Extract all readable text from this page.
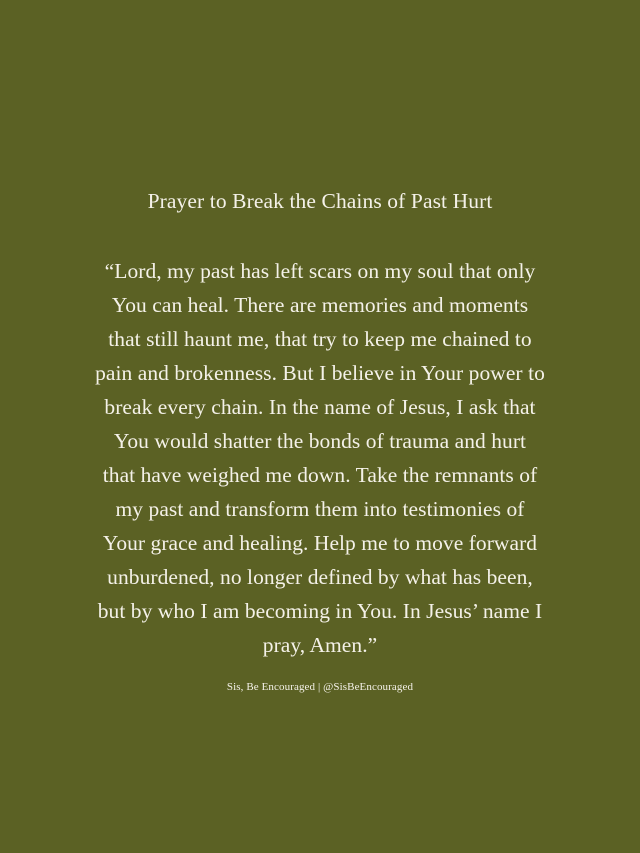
Prayer to Break the Chains of Past Hurt
“Lord, my past has left scars on my soul that only
You can heal. There are memories and moments
that still haunt me, that try to keep me chained to
pain and brokenness. But I believe in Your power to
break every chain. In the name of Jesus, I ask that
You would shatter the bonds of trauma and hurt
that have weighed me down. Take the remnants of
my past and transform them into testimonies of
Your grace and healing. Help me to move forward
unburdened, no longer defined by what has been,
but by who I am becoming in You. In Jesus’ name I
pray, Amen.”

Sis, Be Encouraged | @SisBeEncouraged
